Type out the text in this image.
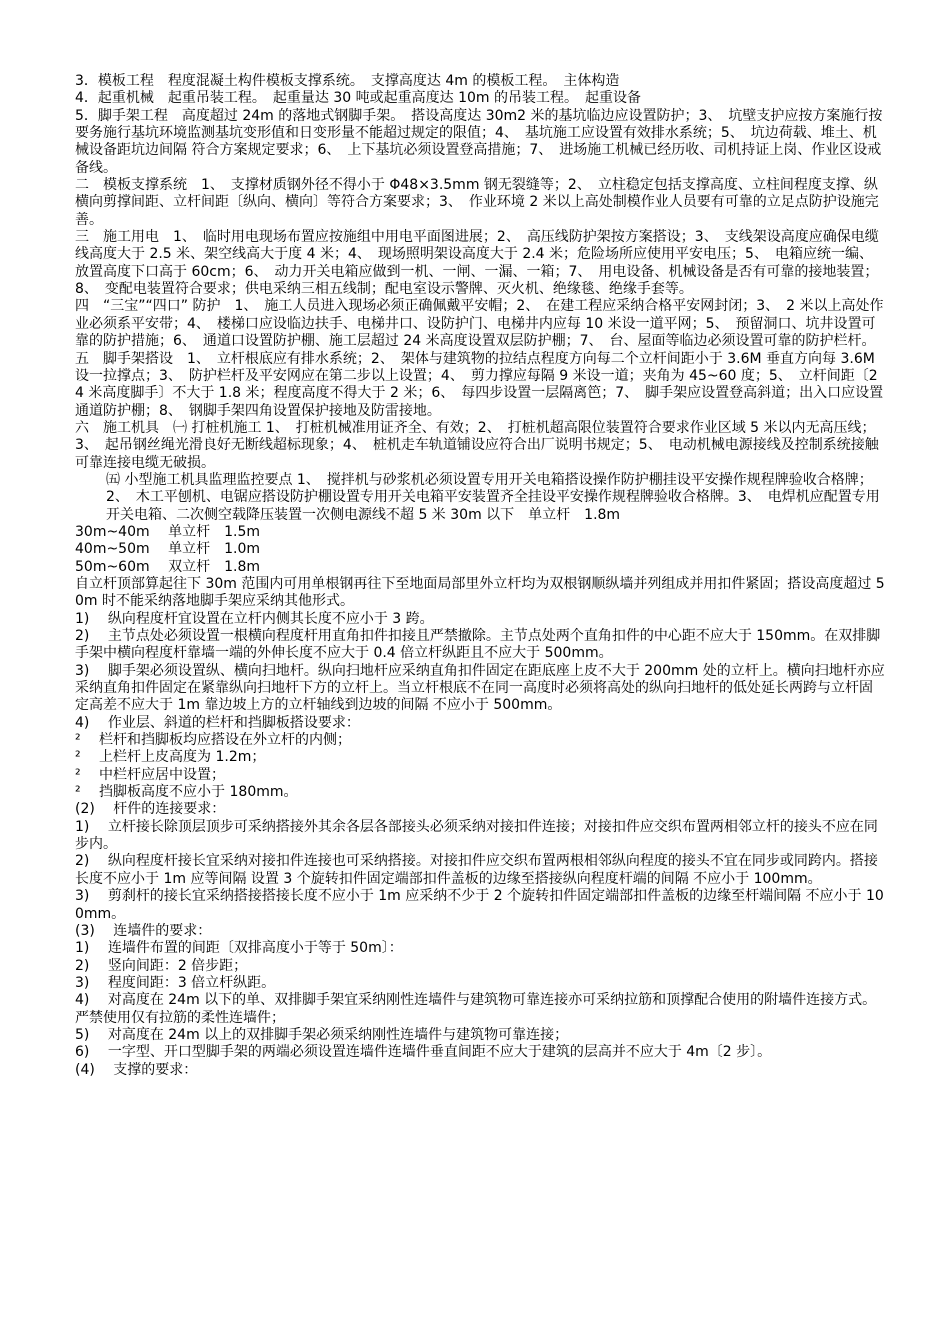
3．模板工程　程度混凝土构件模板支撑系统。　支撑高度达 4m 的模板工程。　主体构造

4．起重机械　起重吊装工程。　起重量达 30 吨或起重高度达 10m 的吊装工程。　起重设备

5．脚手架工程　高度超过 24m 的落地式钢脚手架。　搭设高度达 30m2 米的基坑临边应设置防护；3、　坑壁支护应按方案施行按要务施行基坑环境监测基坑变形值和日变形量不能超过规定的限值；4、　基坑施工应设置有效排水系统；5、　坑边荷载、堆土、机械设备距坑边间隔 符合方案规定要求；6、　上下基坑必须设置登高措施；7、　进场施工机械已经历收、司机持证上岗、作业区设戒备线。

二　模板支撑系统　1、　支撑材质钢外径不得小于 Φ48×3.5mm 钢无裂缝等；2、　立柱稳定包括支撑高度、立柱间程度支撑、纵横向剪撑间距、立杆间距〔纵向、横向〕等符合方案要求；3、　作业环境 2 米以上高处制模作业人员要有可靠的立足点防护设施完善。

三　施工用电　1、　临时用电现场布置应按施组中用电平面图进展；2、　高压线防护架按方案搭设；3、　支线架设高度应确保电缆线高度大于 2.5 米、架空线高大于度 4 米；4、　现场照明架设高度大于 2.4 米；危险场所应使用平安电压；5、　电箱应统一编、放置高度下口高于 60cm；6、　动力开关电箱应做到一机、一闸、一漏、一箱；7、　用电设备、机械设备是否有可靠的接地装置；8、　变配电装置符合要求；供电采纳三相五线制；配电室设示警牌、灭火机、绝缘毯、绝缘手套等。

四　“三宝”“四口” 防护　1、　施工人员进入现场必须正确佩戴平安帽；2、　在建工程应采纳合格平安网封闭；3、　2 米以上高处作业必须系平安带；4、　楼梯口应设临边扶手、电梯井口、设防护门、电梯井内应每 10 米设一道平网；5、　预留洞口、坑井设置可靠的防护措施；6、　通道口设置防护棚、施工层超过 24 米高度设置双层防护棚；7、　台、屋面等临边必须设置可靠的防护栏杆。

五　脚手架搭设　1、　立杆根底应有排水系统；2、　架体与建筑物的拉结点程度方向每二个立杆间距小于 3.6M 垂直方向每 3.6M 设一拉撑点；3、　防护栏杆及平安网应在第二步以上设置；4、　剪力撑应每隔 9 米设一道；夹角为 45~60 度；5、　立杆间距〔24 米高度脚手〕不大于 1.8 米；程度高度不得大于 2 米；6、　每四步设置一层隔离笆；7、　脚手架应设置登高斜道；出入口应设置通道防护棚；8、　钢脚手架四角设置保护接地及防雷接地。

六　施工机具　㈠ 打桩机施工 1、　打桩机械准用证齐全、有效；2、　打桩机超高限位装置符合要求作业区域 5 米以内无高压线；3、　起吊钢丝绳光滑良好无断线超标现象；4、　桩机走车轨道铺设应符合出厂说明书规定；5、　电动机械电源接线及控制系统接触可靠连接电缆无破损。

㈤ 小型施工机具监理监控要点 1、　搅拌机与砂浆机必须设置专用开关电箱搭设操作防护棚挂设平安操作规程牌验收合格牌；2、　木工平刨机、电锯应搭设防护棚设置专用开关电箱平安装置齐全挂设平安操作规程牌验收合格牌。3、　电焊机应配置专用开关电箱、二次侧空载降压装置一次侧电源线不超 5 米 30m 以下　单立杆　1.8m

30m~40m　 单立杆　1.5m

40m~50m　 单立杆　1.0m

50m~60m　 双立杆　1.8m

自立杆顶部算起往下 30m 范围内可用单根钢再往下至地面局部里外立杆均为双根钢顺纵墙并列组成并用扣件紧固；搭设高度超过 50m 时不能采纳落地脚手架应采纳其他形式。

1)　 纵向程度杆宜设置在立杆内侧其长度不应小于 3 跨。

2)　 主节点处必须设置一根横向程度杆用直角扣件扣接且严禁撤除。主节点处两个直角扣件的中心距不应大于 150mm。在双排脚手架中横向程度杆靠墙一端的外伸长度不应大于 0.4 倍立杆纵距且不应大于 500mm。

3)　 脚手架必须设置纵、横向扫地杆。纵向扫地杆应采纳直角扣件固定在距底座上皮不大于 200mm 处的立杆上。横向扫地杆亦应采纳直角扣件固定在紧靠纵向扫地杆下方的立杆上。当立杆根底不在同一高度时必须将高处的纵向扫地杆的低处延长两跨与立杆固定高差不应大于 1m 靠边坡上方的立杆轴线到边坡的间隔 不应小于 500mm。

4)　 作业层、斜道的栏杆和挡脚板搭设要求：

²　 栏杆和挡脚板均应搭设在外立杆的内侧；

²　 上栏杆上皮高度为 1.2m；

²　 中栏杆应居中设置；

²　 挡脚板高度不应小于 180mm。

(2)　 杆件的连接要求：

1)　 立杆接长除顶层顶步可采纳搭接外其余各层各部接头必须采纳对接扣件连接；对接扣件应交织布置两相邻立杆的接头不应在同步内。

2)　 纵向程度杆接长宜采纳对接扣件连接也可采纳搭接。对接扣件应交织布置两根相邻纵向程度的接头不宜在同步或同跨内。搭接长度不应小于 1m 应等间隔 设置 3 个旋转扣件固定端部扣件盖板的边缘至搭接纵向程度杆端的间隔 不应小于 100mm。

3)　 剪刹杆的接长宜采纳搭接搭接长度不应小于 1m 应采纳不少于 2 个旋转扣件固定端部扣件盖板的边缘至杆端间隔 不应小于 100mm。

(3)　 连墙件的要求：

1)　 连墙件布置的间距〔双排高度小于等于 50m〕：

2)　 竖向间距：2 倍步距；

3)　 程度间距：3 倍立杆纵距。

4)　 对高度在 24m 以下的单、双排脚手架宜采纳刚性连墙件与建筑物可靠连接亦可采纳拉筋和顶撑配合使用的附墙件连接方式。严禁使用仅有拉筋的柔性连墙件；

5)　 对高度在 24m 以上的双排脚手架必须采纳刚性连墙件与建筑物可靠连接；

6)　 一字型、开口型脚手架的两端必须设置连墙件连墙件垂直间距不应大于建筑的层高并不应大于 4m〔2 步〕。

(4)　 支撑的要求：
